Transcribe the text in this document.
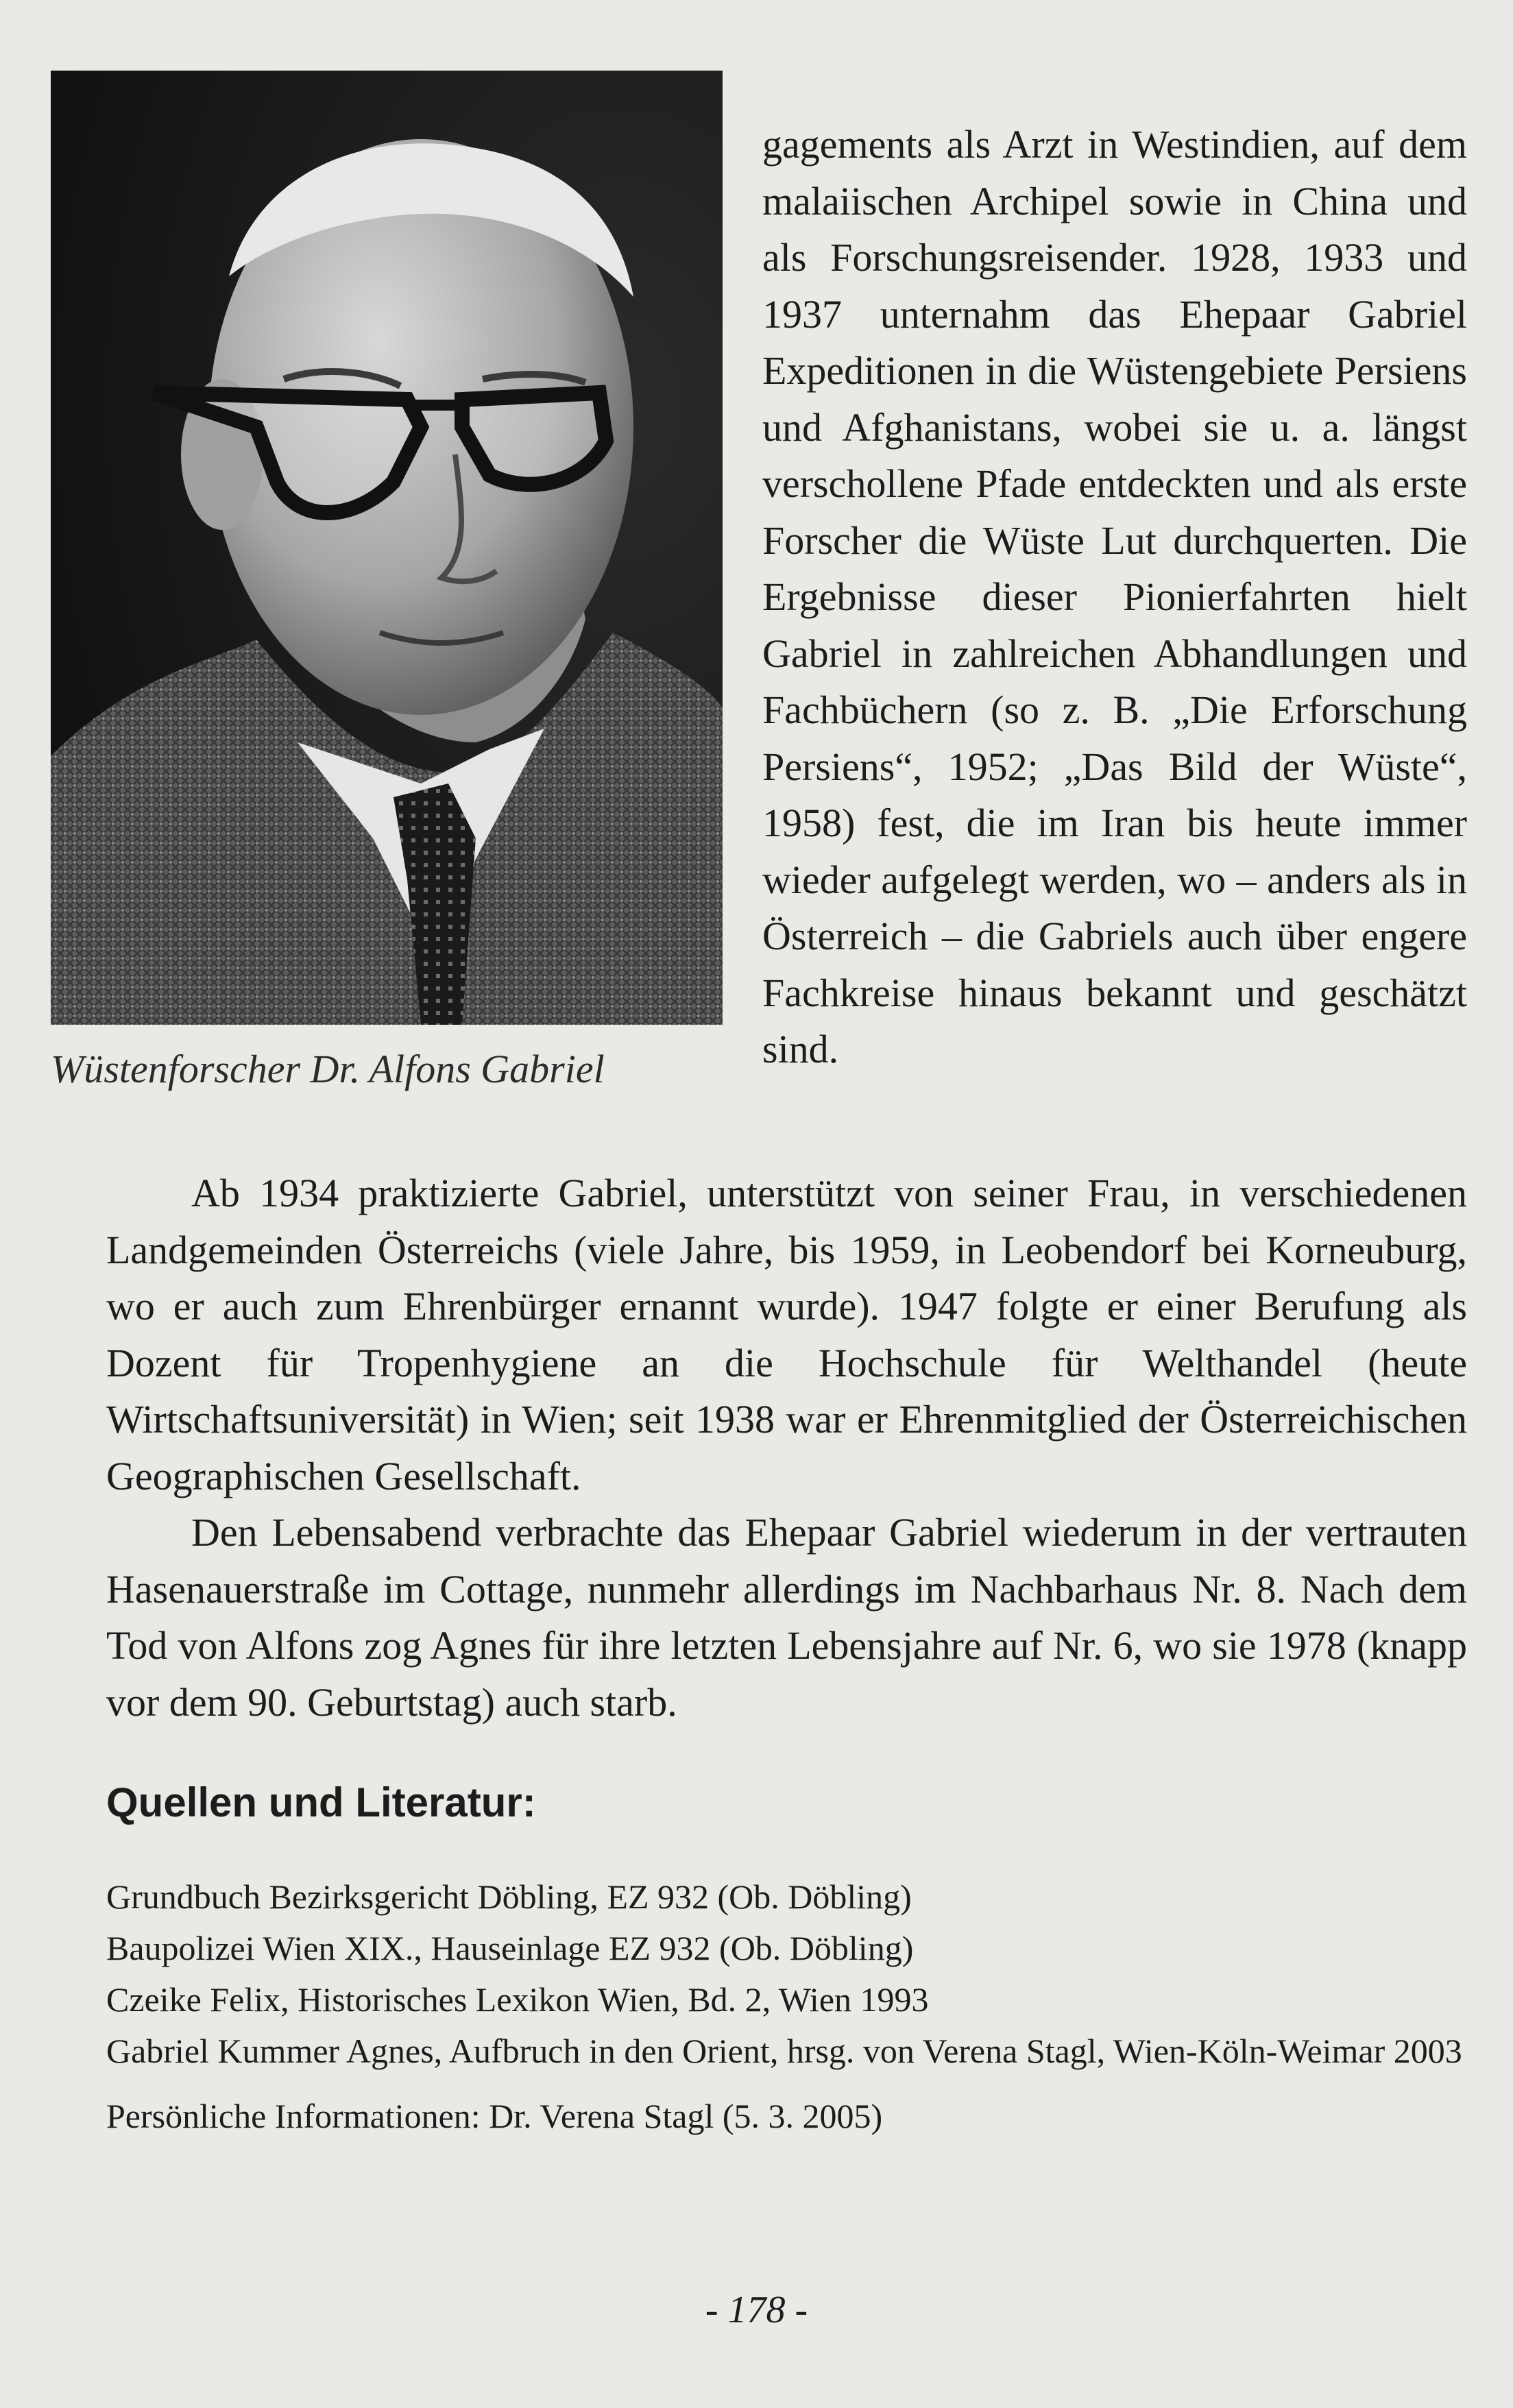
Wüstenforscher Dr. Alfons Gabriel

gagements als Arzt in Westindien, auf dem malaiischen Archipel sowie in China und als Forschungsreisender. 1928, 1933 und 1937 unternahm das Ehepaar Gabriel Expeditionen in die Wüstengebiete Persiens und Afghanistans, wobei sie u. a. längst verschollene Pfade entdeckten und als erste Forscher die Wüste Lut durchquerten. Die Ergebnisse dieser Pionierfahrten hielt Gabriel in zahlreichen Abhandlungen und Fachbüchern (so z. B. „Die Erforschung Persiens“, 1952; „Das Bild der Wüste“, 1958) fest, die im Iran bis heute immer wieder aufgelegt werden, wo – anders als in Österreich – die Gabriels auch über engere Fachkreise hinaus bekannt und geschätzt sind.

Ab 1934 praktizierte Gabriel, unterstützt von seiner Frau, in verschiedenen Landgemeinden Österreichs (viele Jahre, bis 1959, in Leobendorf bei Korneuburg, wo er auch zum Ehrenbürger ernannt wurde). 1947 folgte er einer Berufung als Dozent für Tropenhygiene an die Hochschule für Welthandel (heute Wirtschaftsuniversität) in Wien; seit 1938 war er Ehrenmitglied der Österreichischen Geographischen Gesellschaft.

Den Lebensabend verbrachte das Ehepaar Gabriel wiederum in der vertrauten Hasenauerstraße im Cottage, nunmehr allerdings im Nachbarhaus Nr. 8. Nach dem Tod von Alfons zog Agnes für ihre letzten Lebensjahre auf Nr. 6, wo sie 1978 (knapp vor dem 90. Geburtstag) auch starb.

Quellen und Literatur:
Grundbuch Bezirksgericht Döbling, EZ 932 (Ob. Döbling)
Baupolizei Wien XIX., Hauseinlage EZ 932 (Ob. Döbling)
Czeike Felix, Historisches Lexikon Wien, Bd. 2, Wien 1993
Gabriel Kummer Agnes, Aufbruch in den Orient, hrsg. von Verena Stagl, Wien-Köln-Weimar 2003
Persönliche Informationen: Dr. Verena Stagl (5. 3. 2005)
- 178 -
